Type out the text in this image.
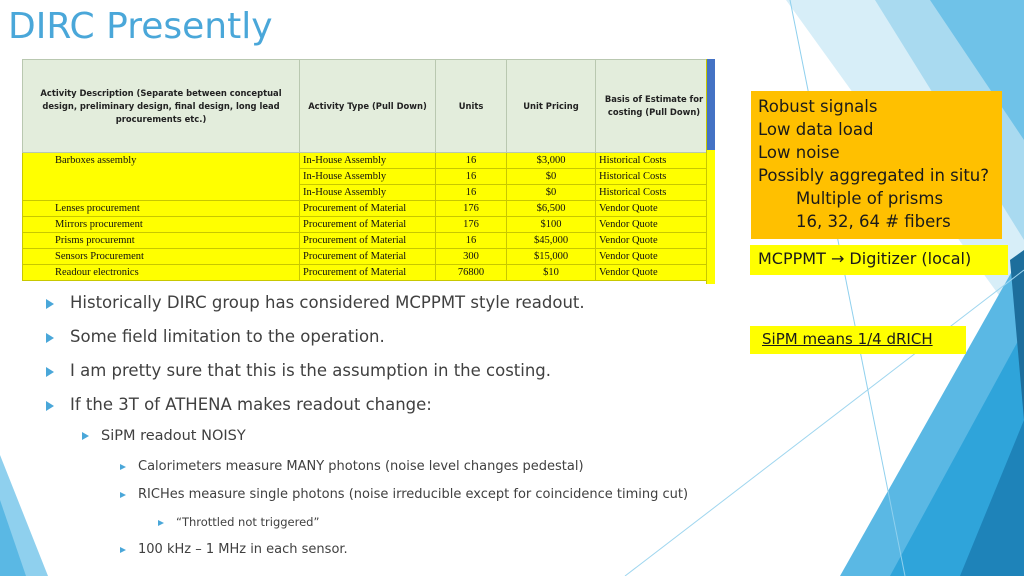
DIRC Presently
Activity Description (Separate between conceptual design, preliminary design, final design, long lead procurements etc.)	Activity Type (Pull Down)	Units	Unit Pricing	Basis of Estimate for costing (Pull Down)
Barboxes assembly	In-House Assembly	16	$3,000	Historical Costs
	In-House Assembly	16	$0	Historical Costs
	In-House Assembly	16	$0	Historical Costs
Lenses procurement	Procurement of Material	176	$6,500	Vendor Quote
Mirrors procurement	Procurement of Material	176	$100	Vendor Quote
Prisms procuremnt	Procurement of Material	16	$45,000	Vendor Quote
Sensors Procurement	Procurement of Material	300	$15,000	Vendor Quote
Readour electronics	Procurement of Material	76800	$10	Vendor Quote
Robust signals
Low data load
Low noise
Possibly aggregated in situ?
Multiple of prisms
16, 32, 64 # fibers
MCPPMT → Digitizer (local)
SiPM means 1/4 dRICH
Historically DIRC group has considered MCPPMT style readout.
Some field limitation to the operation.
I am pretty sure that this is the assumption in the costing.
If the 3T of ATHENA makes readout change:
SiPM readout NOISY
Calorimeters measure MANY photons (noise level changes pedestal)
RICHes measure single photons (noise irreducible except for coincidence timing cut)
“Throttled not triggered”
100 kHz – 1 MHz in each sensor.
